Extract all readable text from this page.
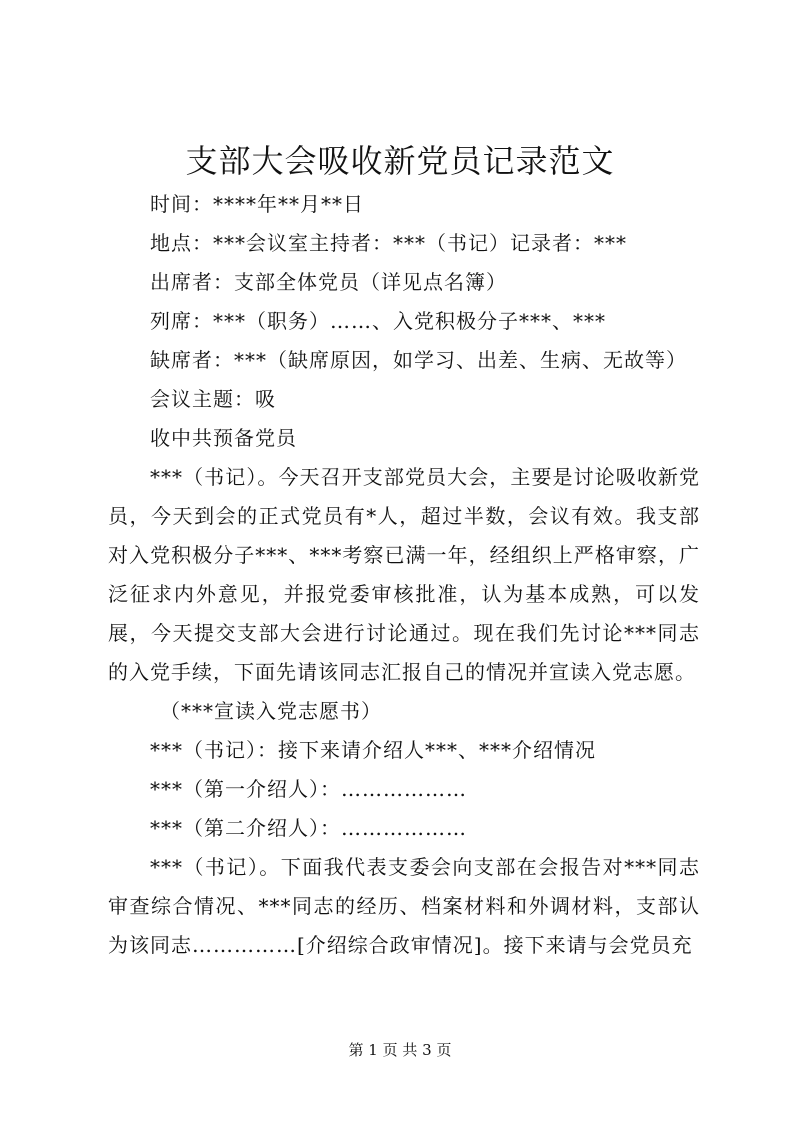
支部大会吸收新党员记录范文
时间：****年**月**日
地点：***会议室主持者：***（书记）记录者：***
出席者：支部全体党员（详见点名簿）
列席：***（职务）……、入党积极分子***、***
缺席者：***（缺席原因，如学习、出差、生病、无故等）
会议主题：吸
收中共预备党员

***（书记）。今天召开支部党员大会，主要是讨论吸收新党员，今天到会的正式党员有*人，超过半数，会议有效。我支部对入党积极分子***、***考察已满一年，经组织上严格审察，广泛征求内外意见，并报党委审核批准，认为基本成熟，可以发展，今天提交支部大会进行讨论通过。现在我们先讨论***同志的入党手续，下面先请该同志汇报自己的情况并宣读入党志愿。

（***宣读入党志愿书）
***（书记）：接下来请介绍人***、***介绍情况
***（第一介绍人）：………………
***（第二介绍人）：………………

***（书记）。下面我代表支委会向支部在会报告对***同志审查综合情况、***同志的经历、档案材料和外调材料，支部认为该同志……………[介绍综合政审情况]。接下来请与会党员充

第 1 页 共 3 页
